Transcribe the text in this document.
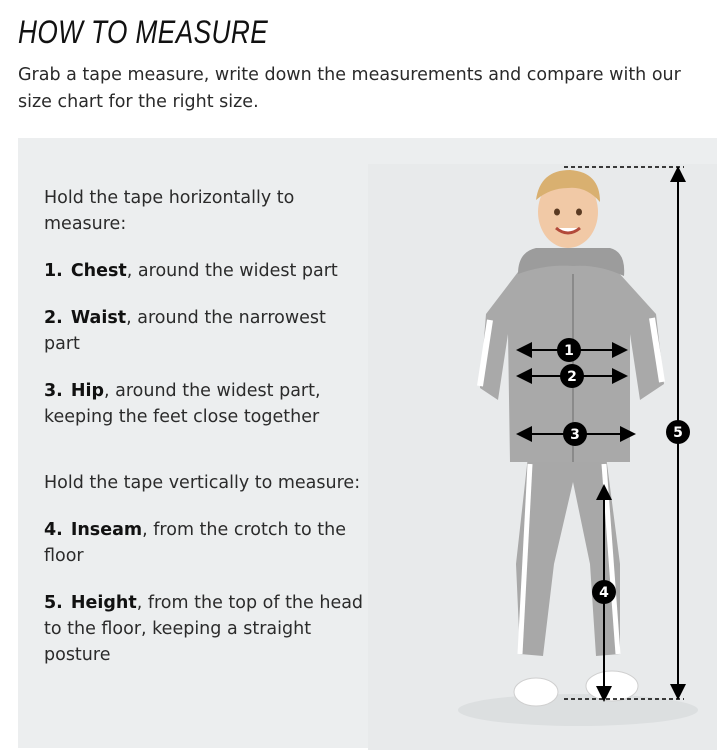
HOW TO MEASURE

Grab a tape measure, write down the measurements and compare with our size chart for the right size.

Hold the tape horizontally to measure:

1. Chest, around the widest part

2. Waist, around the narrowest part

3. Hip, around the widest part, keeping the feet close together

Hold the tape vertically to measure:

4. Inseam, from the crotch to the floor

5. Height, from the top of the head to the floor, keeping a straight posture

1
2
3
4
5
